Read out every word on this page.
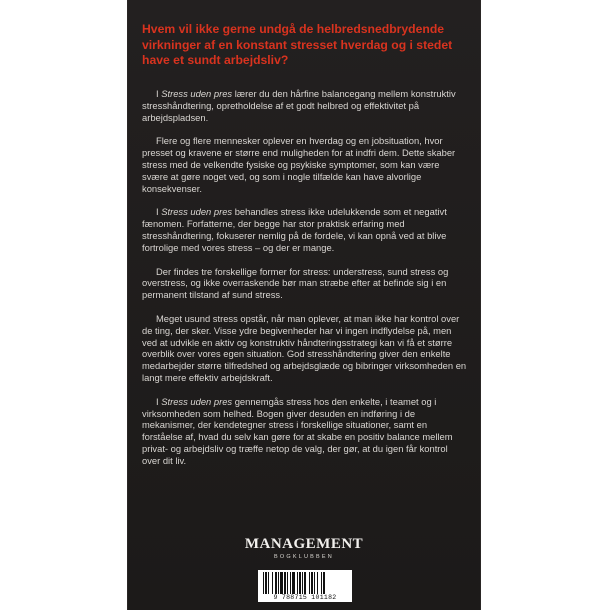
Hvem vil ikke gerne undgå de helbredsnedbrydende virkninger af en konstant stresset hverdag og i stedet have et sundt arbejdsliv?

I Stress uden pres lærer du den hårfine balancegang mellem konstruktiv stresshåndtering, opretholdelse af et godt helbred og effektivitet på arbejdspladsen.

Flere og flere mennesker oplever en hverdag og en jobsituation, hvor presset og kravene er større end muligheden for at indfri dem. Dette skaber stress med de velkendte fysiske og psykiske symptomer, som kan være svære at gøre noget ved, og som i nogle tilfælde kan have alvorlige konsekvenser.

I Stress uden pres behandles stress ikke udelukkende som et negativt fænomen. Forfatterne, der begge har stor praktisk erfaring med stresshåndtering, fokuserer nemlig på de fordele, vi kan opnå ved at blive fortrolige med vores stress – og der er mange.

Der findes tre forskellige former for stress: understress, sund stress og overstress, og ikke overraskende bør man stræbe efter at befinde sig i en permanent tilstand af sund stress.

Meget usund stress opstår, når man oplever, at man ikke har kontrol over de ting, der sker. Visse ydre begivenheder har vi ingen indflydelse på, men ved at udvikle en aktiv og konstruktiv håndteringsstrategi kan vi få et større overblik over vores egen situation. God stresshåndtering giver den enkelte medarbejder større tilfredshed og arbejdsglæde og bibringer virksomheden en langt mere effektiv arbejdskraft.

I Stress uden pres gennemgås stress hos den enkelte, i teamet og i virksomheden som helhed. Bogen giver desuden en indføring i de mekanismer, der kendetegner stress i forskellige situationer, samt en forståelse af, hvad du selv kan gøre for at skabe en positiv balance mellem privat- og arbejdsliv og træffe netop de valg, der gør, at du igen får kontrol over dit liv.

MANAGEMENT
BOGKLUBBEN
9 788715 101182
